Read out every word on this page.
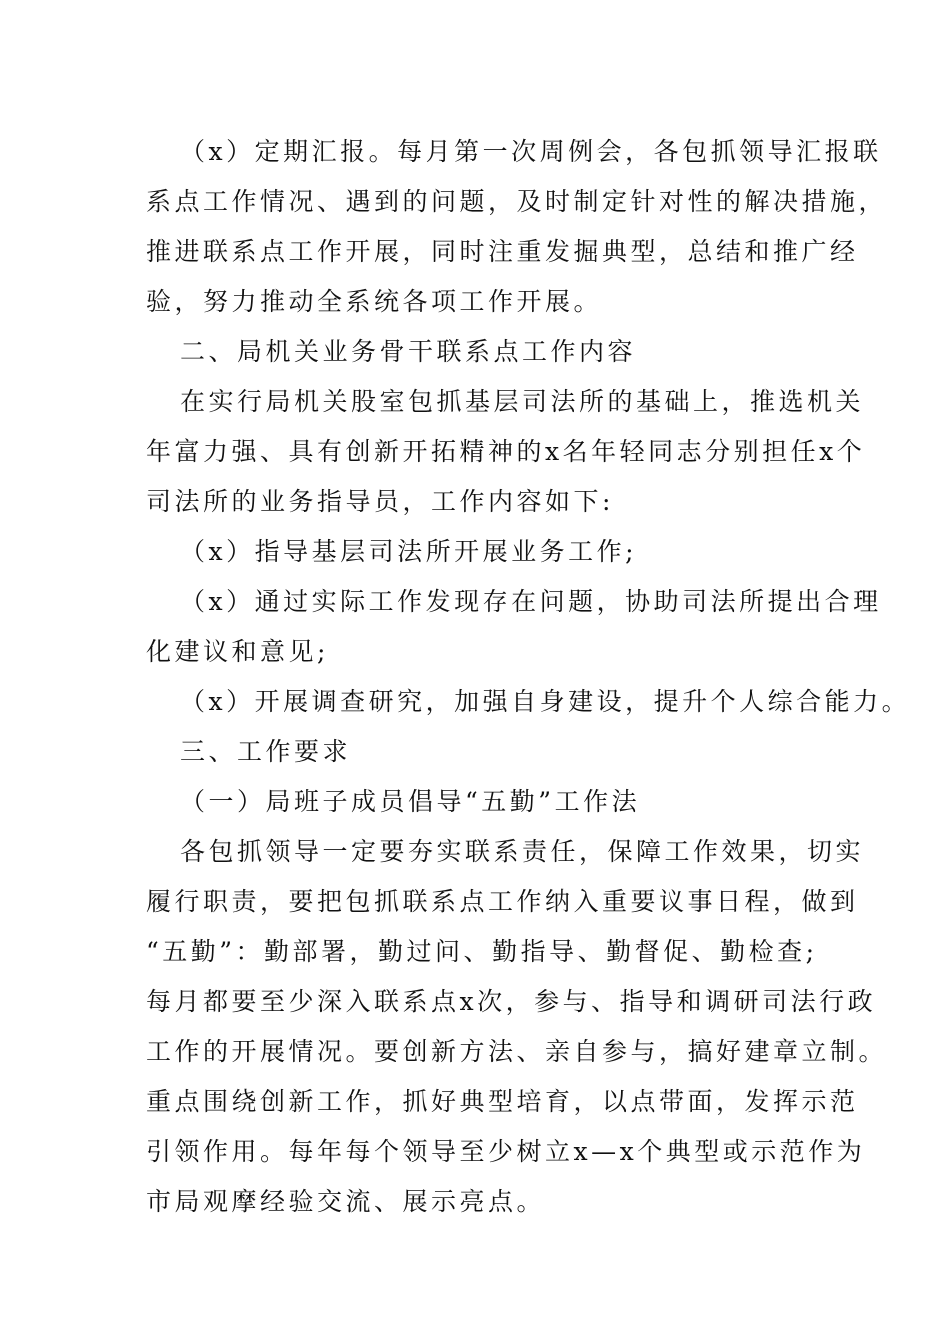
（x）定期汇报。每月第一次周例会，各包抓领导汇报联
系点工作情况、遇到的问题，及时制定针对性的解决措施，
推进联系点工作开展，同时注重发掘典型，总结和推广经
验，努力推动全系统各项工作开展。
二、局机关业务骨干联系点工作内容
在实行局机关股室包抓基层司法所的基础上，推选机关
年富力强、具有创新开拓精神的x名年轻同志分别担任x个
司法所的业务指导员，工作内容如下:
（x）指导基层司法所开展业务工作;
（x）通过实际工作发现存在问题，协助司法所提出合理
化建议和意见;
（x）开展调查研究，加强自身建设，提升个人综合能力。
三、工作要求
（一）局班子成员倡导“五勤”工作法
各包抓领导一定要夯实联系责任，保障工作效果，切实
履行职责，要把包抓联系点工作纳入重要议事日程，做到
“五勤”：勤部署，勤过问、勤指导、勤督促、勤检查;
每月都要至少深入联系点x次，参与、指导和调研司法行政
工作的开展情况。要创新方法、亲自参与，搞好建章立制。
重点围绕创新工作，抓好典型培育，以点带面，发挥示范
引领作用。每年每个领导至少树立x—x个典型或示范作为
市局观摩经验交流、展示亮点。
